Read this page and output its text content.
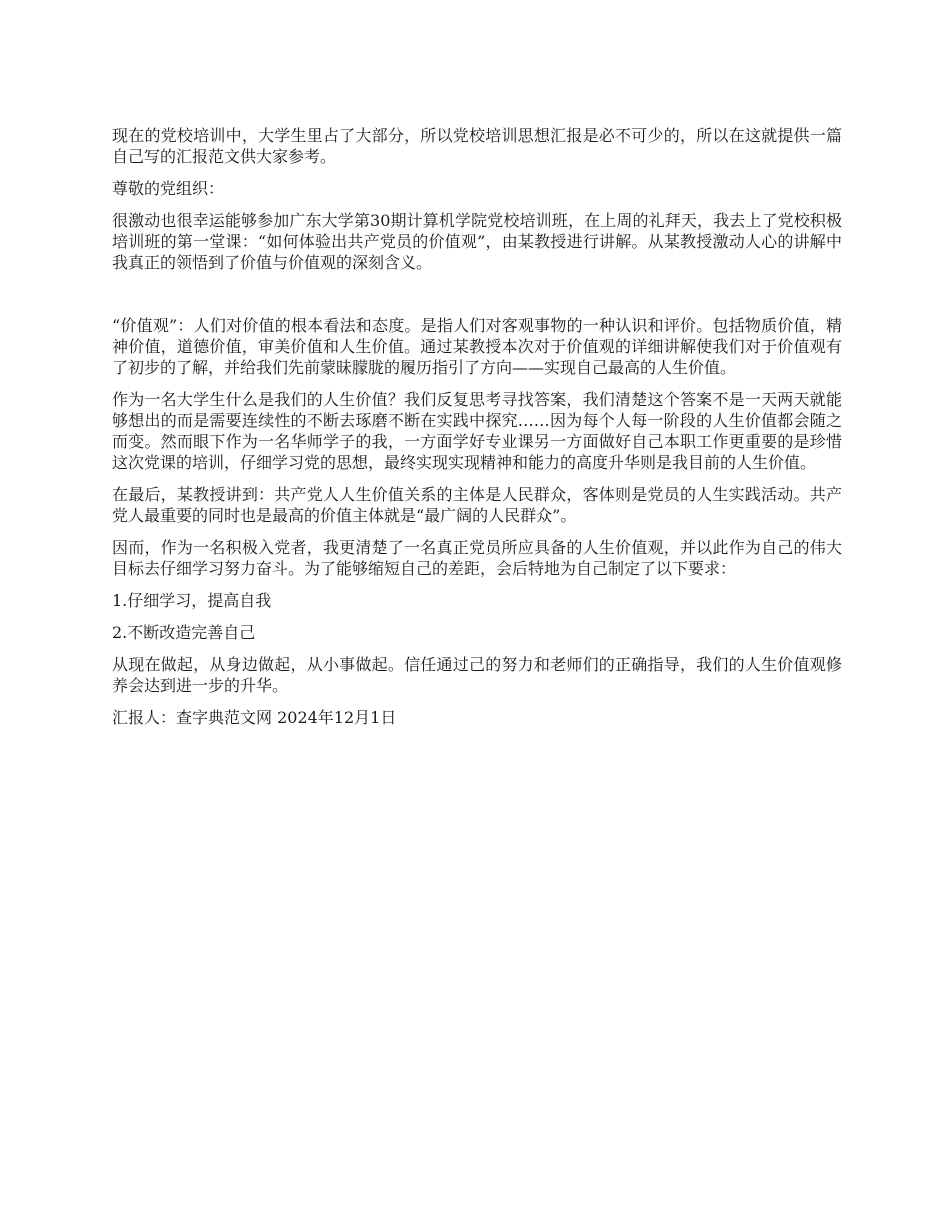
现在的党校培训中，大学生里占了大部分，所以党校培训思想汇报是必不可少的，所以在这就提供一篇自己写的汇报范文供大家参考。

尊敬的党组织：

很激动也很幸运能够参加广东大学第30期计算机学院党校培训班，在上周的礼拜天，我去上了党校积极培训班的第一堂课：“如何体验出共产党员的价值观”，由某教授进行讲解。从某教授激动人心的讲解中我真正的领悟到了价值与价值观的深刻含义。

“价值观”：人们对价值的根本看法和态度。是指人们对客观事物的一种认识和评价。包括物质价值，精神价值，道德价值，审美价值和人生价值。通过某教授本次对于价值观的详细讲解使我们对于价值观有了初步的了解，并给我们先前蒙昧朦胧的履历指引了方向——实现自己最高的人生价值。

作为一名大学生什么是我们的人生价值？我们反复思考寻找答案，我们清楚这个答案不是一天两天就能够想出的而是需要连续性的不断去琢磨不断在实践中探究……因为每个人每一阶段的人生价值都会随之而变。然而眼下作为一名华师学子的我，一方面学好专业课另一方面做好自己本职工作更重要的是珍惜这次党课的培训，仔细学习党的思想，最终实现实现精神和能力的高度升华则是我目前的人生价值。

在最后，某教授讲到：共产党人人生价值关系的主体是人民群众，客体则是党员的人生实践活动。共产党人最重要的同时也是最高的价值主体就是“最广阔的人民群众”。

因而，作为一名积极入党者，我更清楚了一名真正党员所应具备的人生价值观，并以此作为自己的伟大目标去仔细学习努力奋斗。为了能够缩短自己的差距，会后特地为自己制定了以下要求：

1.仔细学习，提高自我

2.不断改造完善自己

从现在做起，从身边做起，从小事做起。信任通过己的努力和老师们的正确指导，我们的人生价值观修养会达到进一步的升华。

汇报人：查字典范文网 2024年12月1日
